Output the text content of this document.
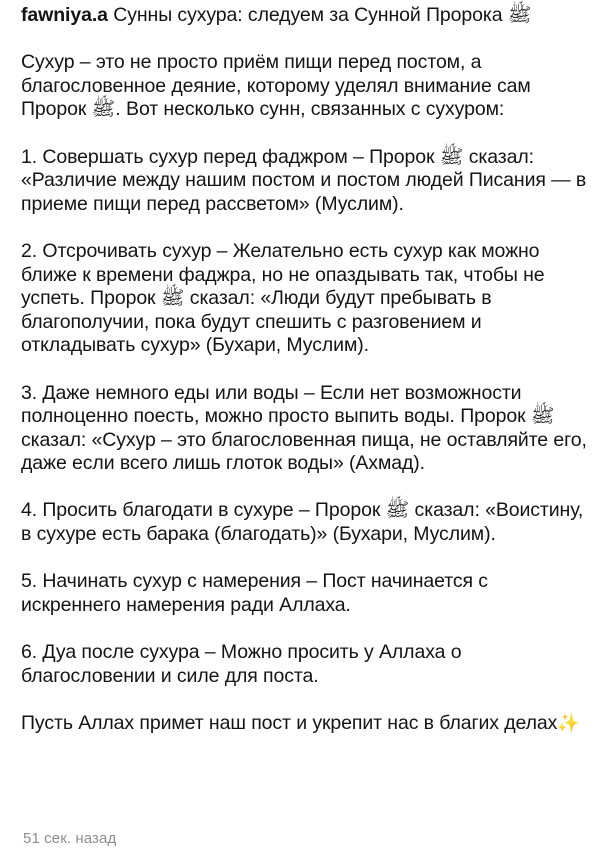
fawniya.a Сунны сухура: следуем за Сунной Пророка ﷺ

Сухур – это не просто приём пищи перед постом, а благословенное деяние, которому уделял внимание сам Пророк ﷺ. Вот несколько сунн, связанных с сухуром:

1. Совершать сухур перед фаджром – Пророк ﷺ сказал: «Различие между нашим постом и постом людей Писания — в приеме пищи перед рассветом» (Муслим).

2. Отсрочивать сухур – Желательно есть сухур как можно ближе к времени фаджра, но не опаздывать так, чтобы не успеть. Пророк ﷺ сказал: «Люди будут пребывать в благополучии, пока будут спешить с разговением и откладывать сухур» (Бухари, Муслим).

3. Даже немного еды или воды – Если нет возможности полноценно поесть, можно просто выпить воды. Пророк ﷺ сказал: «Сухур – это благословенная пища, не оставляйте его, даже если всего лишь глоток воды» (Ахмад).

4. Просить благодати в сухуре – Пророк ﷺ сказал: «Воистину, в сухуре есть барака (благодать)» (Бухари, Муслим).

5. Начинать сухур с намерения – Пост начинается с искреннего намерения ради Аллаха.

6. Дуа после сухура – Можно просить у Аллаха о благословении и силе для поста.

Пусть Аллах примет наш пост и укрепит нас в благих делах✨

51 сек. назад
